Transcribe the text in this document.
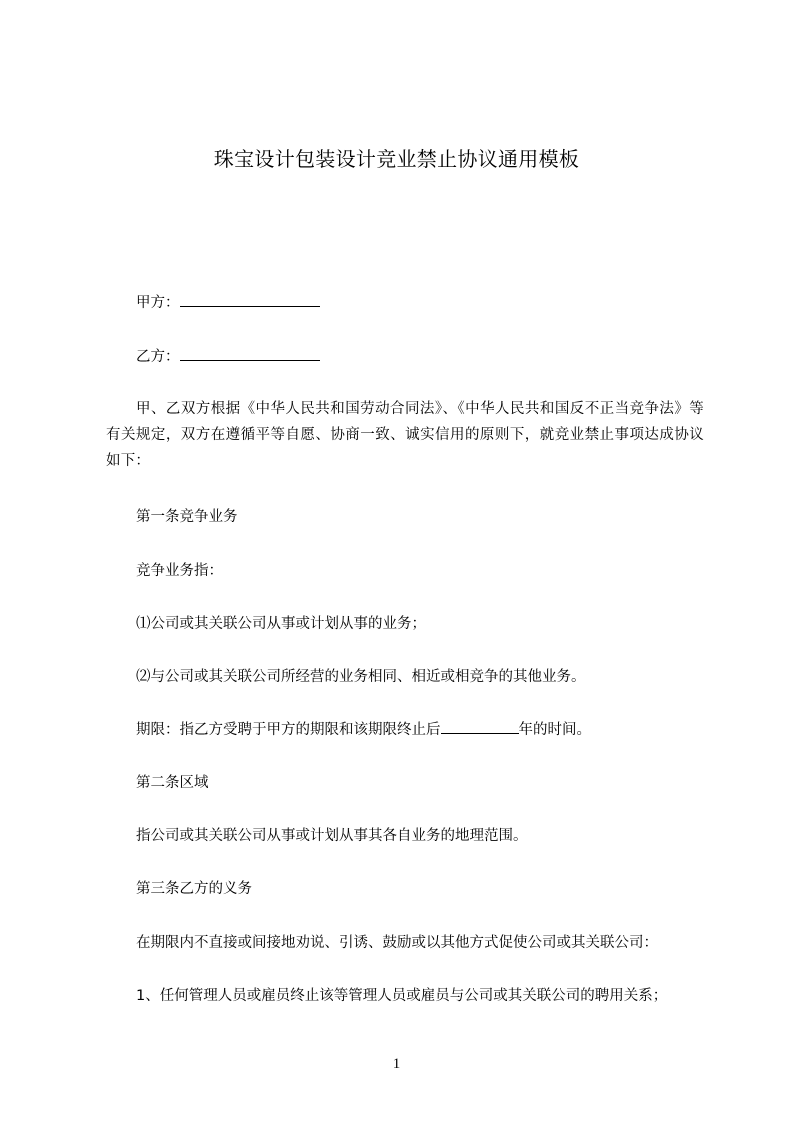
珠宝设计包装设计竞业禁止协议通用模板
甲方：
乙方：
甲、乙双方根据《中华人民共和国劳动合同法》、《中华人民共和国反不正当竞争法》等有关规定，双方在遵循平等自愿、协商一致、诚实信用的原则下，就竞业禁止事项达成协议如下：
第一条竞争业务
竞争业务指：
⑴公司或其关联公司从事或计划从事的业务；
⑵与公司或其关联公司所经营的业务相同、相近或相竞争的其他业务。
期限：指乙方受聘于甲方的期限和该期限终止后	年的时间。
第二条区域
指公司或其关联公司从事或计划从事其各自业务的地理范围。
第三条乙方的义务
在期限内不直接或间接地劝说、引诱、鼓励或以其他方式促使公司或其关联公司：
1、任何管理人员或雇员终止该等管理人员或雇员与公司或其关联公司的聘用关系；
1
